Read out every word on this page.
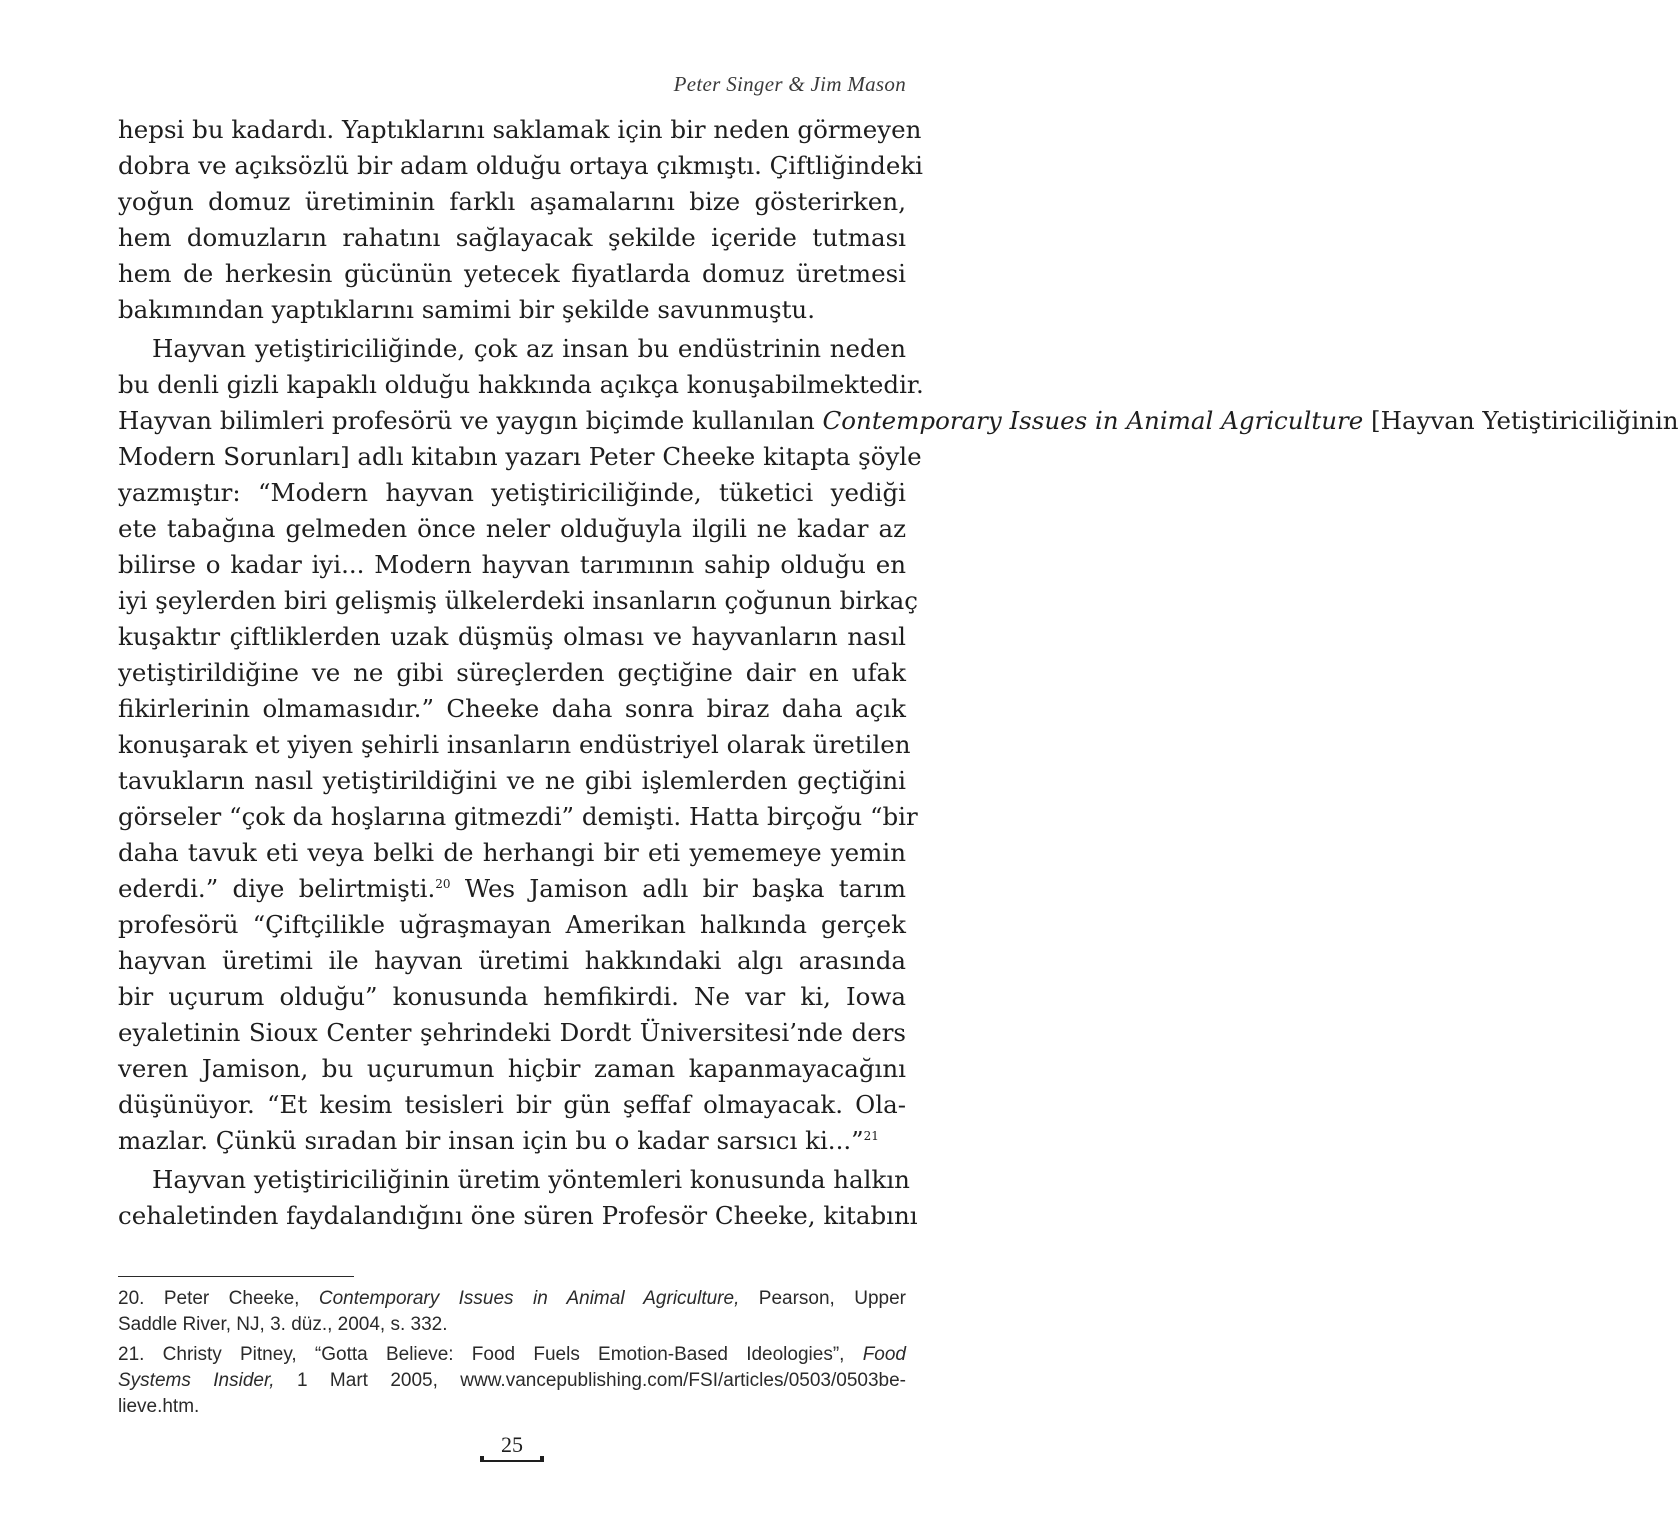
Peter Singer & Jim Mason
hepsi bu kadardı. Yaptıklarını saklamak için bir neden görmeyen
dobra ve açıksözlü bir adam olduğu ortaya çıkmıştı. Çiftliğindeki
yoğun domuz üretiminin farklı aşamalarını bize gösterirken,
hem domuzların rahatını sağlayacak şekilde içeride tutması
hem de herkesin gücünün yetecek fiyatlarda domuz üretmesi
bakımından yaptıklarını samimi bir şekilde savunmuştu.
Hayvan yetiştiriciliğinde, çok az insan bu endüstrinin neden
bu denli gizli kapaklı olduğu hakkında açıkça konuşabilmektedir.
Hayvan bilimleri profesörü ve yaygın biçimde kullanılan Contemporary Issues in Animal Agriculture [Hayvan Yetiştiriciliğinin
Modern Sorunları] adlı kitabın yazarı Peter Cheeke kitapta şöyle
yazmıştır: “Modern hayvan yetiştiriciliğinde, tüketici yediği
ete tabağına gelmeden önce neler olduğuyla ilgili ne kadar az
bilirse o kadar iyi... Modern hayvan tarımının sahip olduğu en
iyi şeylerden biri gelişmiş ülkelerdeki insanların çoğunun birkaç
kuşaktır çiftliklerden uzak düşmüş olması ve hayvanların nasıl
yetiştirildiğine ve ne gibi süreçlerden geçtiğine dair en ufak
fikirlerinin olmamasıdır.” Cheeke daha sonra biraz daha açık
konuşarak et yiyen şehirli insanların endüstriyel olarak üretilen
tavukların nasıl yetiştirildiğini ve ne gibi işlemlerden geçtiğini
görseler “çok da hoşlarına gitmezdi” demişti. Hatta birçoğu “bir
daha tavuk eti veya belki de herhangi bir eti yememeye yemin
ederdi.” diye belirtmişti.$^{20}$ Wes Jamison adlı bir başka tarım
profesörü “Çiftçilikle uğraşmayan Amerikan halkında gerçek
hayvan üretimi ile hayvan üretimi hakkındaki algı arasında
bir uçurum olduğu” konusunda hemfikirdi. Ne var ki, Iowa
eyaletinin Sioux Center şehrindeki Dordt Üniversitesi’nde ders
veren Jamison, bu uçurumun hiçbir zaman kapanmayacağını
düşünüyor. “Et kesim tesisleri bir gün şeffaf olmayacak. Ola-
mazlar. Çünkü sıradan bir insan için bu o kadar sarsıcı ki...”$^{21}$
Hayvan yetiştiriciliğinin üretim yöntemleri konusunda halkın
cehaletinden faydalandığını öne süren Profesör Cheeke, kitabını
20. Peter Cheeke, Contemporary Issues in Animal Agriculture, Pearson, Upper
Saddle River, NJ, 3. düz., 2004, s. 332.
21. Christy Pitney, “Gotta Believe: Food Fuels Emotion-Based Ideologies”, Food
Systems Insider, 1 Mart 2005, www.vancepublishing.com/FSI/articles/0503/0503be-
lieve.htm.
25
